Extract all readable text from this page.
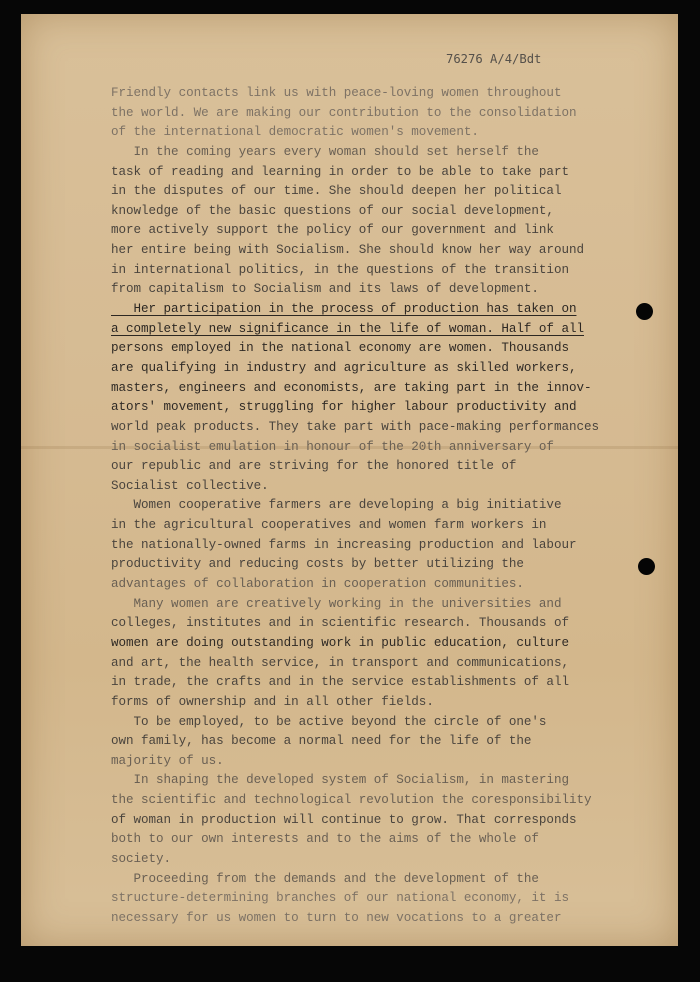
76276 A/4/Bdt
Friendly contacts link us with peace-loving women throughout
the world. We are making our contribution to the consolidation
of the international democratic women's movement.
In the coming years every woman should set herself the
task of reading and learning in order to be able to take part
in the disputes of our time. She should deepen her political
knowledge of the basic questions of our social development,
more actively support the policy of our government and link
her entire being with Socialism. She should know her way around
in international politics, in the questions of the transition
from capitalism to Socialism and its laws of development.
Her participation in the process of production has taken on
a completely new significance in the life of woman. Half of all
persons employed in the national economy are women. Thousands
are qualifying in industry and agriculture as skilled workers,
masters, engineers and economists, are taking part in the innov-
ators' movement, struggling for higher labour productivity and
world peak products. They take part with pace-making performances
in socialist emulation in honour of the 20th anniversary of
our republic and are striving for the honored title of
Socialist collective.
Women cooperative farmers are developing a big initiative
in the agricultural cooperatives and women farm workers in
the nationally-owned farms in increasing production and labour
productivity and reducing costs by better utilizing the
advantages of collaboration in cooperation communities.
Many women are creatively working in the universities and
colleges, institutes and in scientific research. Thousands of
women are doing outstanding work in public education, culture
and art, the health service, in transport and communications,
in trade, the crafts and in the service establishments of all
forms of ownership and in all other fields.
To be employed, to be active beyond the circle of one's
own family, has become a normal need for the life of the
majority of us.
In shaping the developed system of Socialism, in mastering
the scientific and technological revolution the coresponsibility
of woman in production will continue to grow. That corresponds
both to our own interests and to the aims of the whole of
society.
Proceeding from the demands and the development of the
structure-determining branches of our national economy, it is
necessary for us women to turn to new vocations to a greater
